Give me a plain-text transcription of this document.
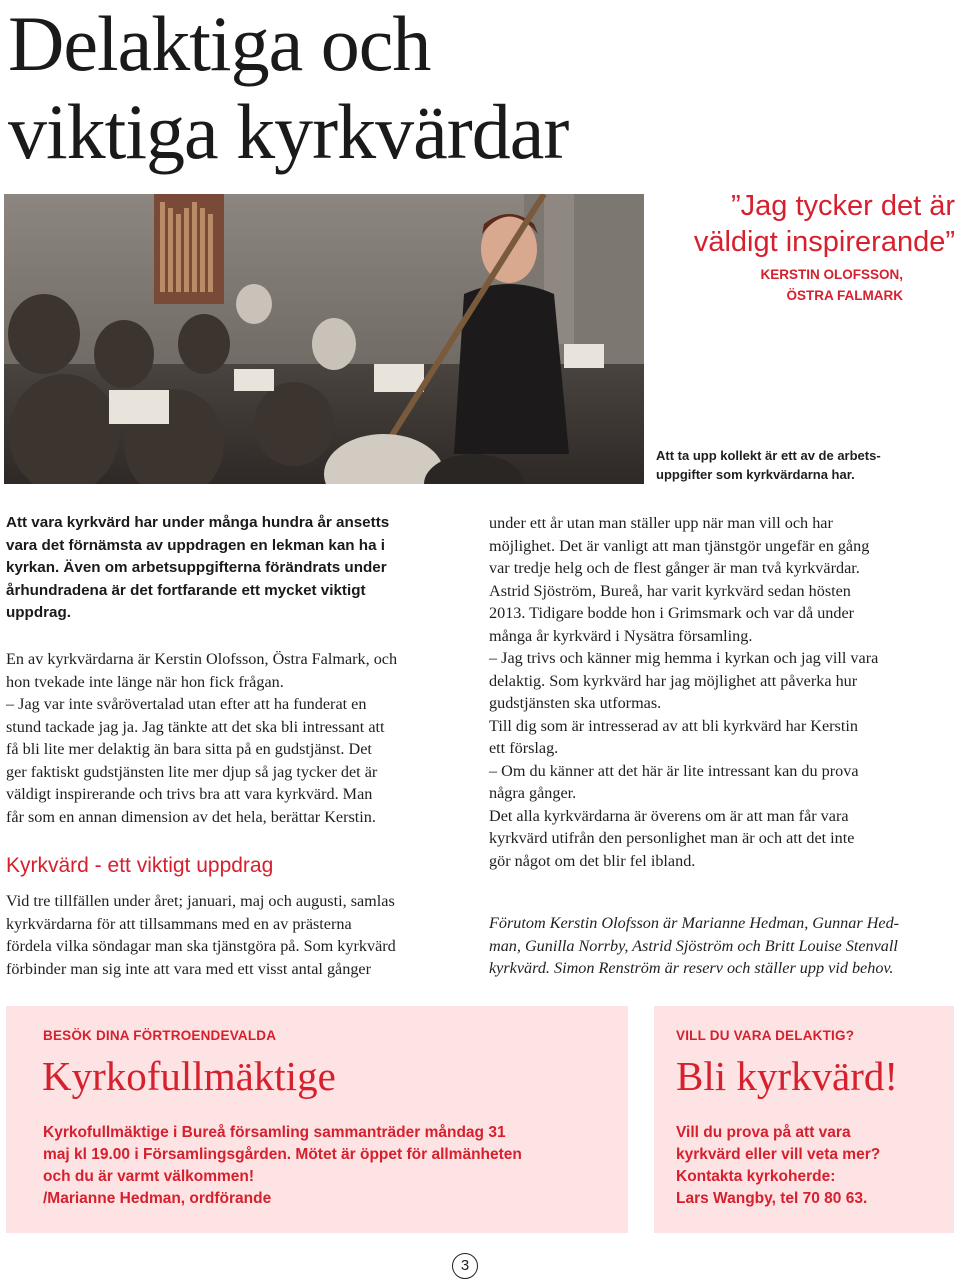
Delaktiga och
viktiga kyrkvärdar
”Jag tycker det är
väldigt inspirerande”
KERSTIN OLOFSSON,
ÖSTRA FALMARK
Att ta upp kollekt är ett av de arbets-
uppgifter som kyrkvärdarna har.
Att vara kyrkvärd har under många hundra år ansetts
vara det förnämsta av uppdragen en lekman kan ha i
kyrkan. Även om arbetsuppgifterna förändrats under
århundradena är det fortfarande ett mycket viktigt
uppdrag.
En av kyrkvärdarna är Kerstin Olofsson, Östra Falmark, och
hon tvekade inte länge när hon fick frågan.
– Jag var inte svårövertalad utan efter att ha funderat en
stund tackade jag ja. Jag tänkte att det ska bli intressant att
få bli lite mer delaktig än bara sitta på en gudstjänst. Det
ger faktiskt gudstjänsten lite mer djup så jag tycker det är
väldigt inspirerande och trivs bra att vara kyrkvärd. Man
får som en annan dimension av det hela, berättar Kerstin.
Kyrkvärd - ett viktigt uppdrag
Vid tre tillfällen under året; januari, maj och augusti, samlas
kyrkvärdarna för att tillsammans med en av prästerna
fördela vilka söndagar man ska tjänstgöra på. Som kyrkvärd
förbinder man sig inte att vara med ett visst antal gånger
under ett år utan man ställer upp när man vill och har
möjlighet. Det är vanligt att man tjänstgör ungefär en gång
var tredje helg och de flest gånger är man två kyrkvärdar.
Astrid Sjöström, Bureå, har varit kyrkvärd sedan hösten
2013. Tidigare bodde hon i Grimsmark och var då under
många år kyrkvärd i Nysätra församling.
– Jag trivs och känner mig hemma i kyrkan och jag vill vara
delaktig. Som kyrkvärd har jag möjlighet att påverka hur
gudstjänsten ska utformas.
Till dig som är intresserad av att bli kyrkvärd har Kerstin
ett förslag.
– Om du känner att det här är lite intressant kan du prova
några gånger.
Det alla kyrkvärdarna är överens om är att man får vara
kyrkvärd utifrån den personlighet man är och att det inte
gör något om det blir fel ibland.
Förutom Kerstin Olofsson är Marianne Hedman, Gunnar Hed-
man, Gunilla Norrby, Astrid Sjöström och Britt Louise Stenvall
kyrkvärd. Simon Renström är reserv och ställer upp vid behov.
BESÖK DINA FÖRTROENDEVALDA
Kyrkofullmäktige
Kyrkofullmäktige i Bureå församling sammanträder måndag 31
maj kl 19.00 i Församlingsgården. Mötet är öppet för allmänheten
och du är varmt välkommen!
/Marianne Hedman, ordförande
VILL DU VARA DELAKTIG?
Bli kyrkvärd!
Vill du prova på att vara
kyrkvärd eller vill veta mer?
Kontakta kyrkoherde:
Lars Wangby, tel 70 80 63.
3
